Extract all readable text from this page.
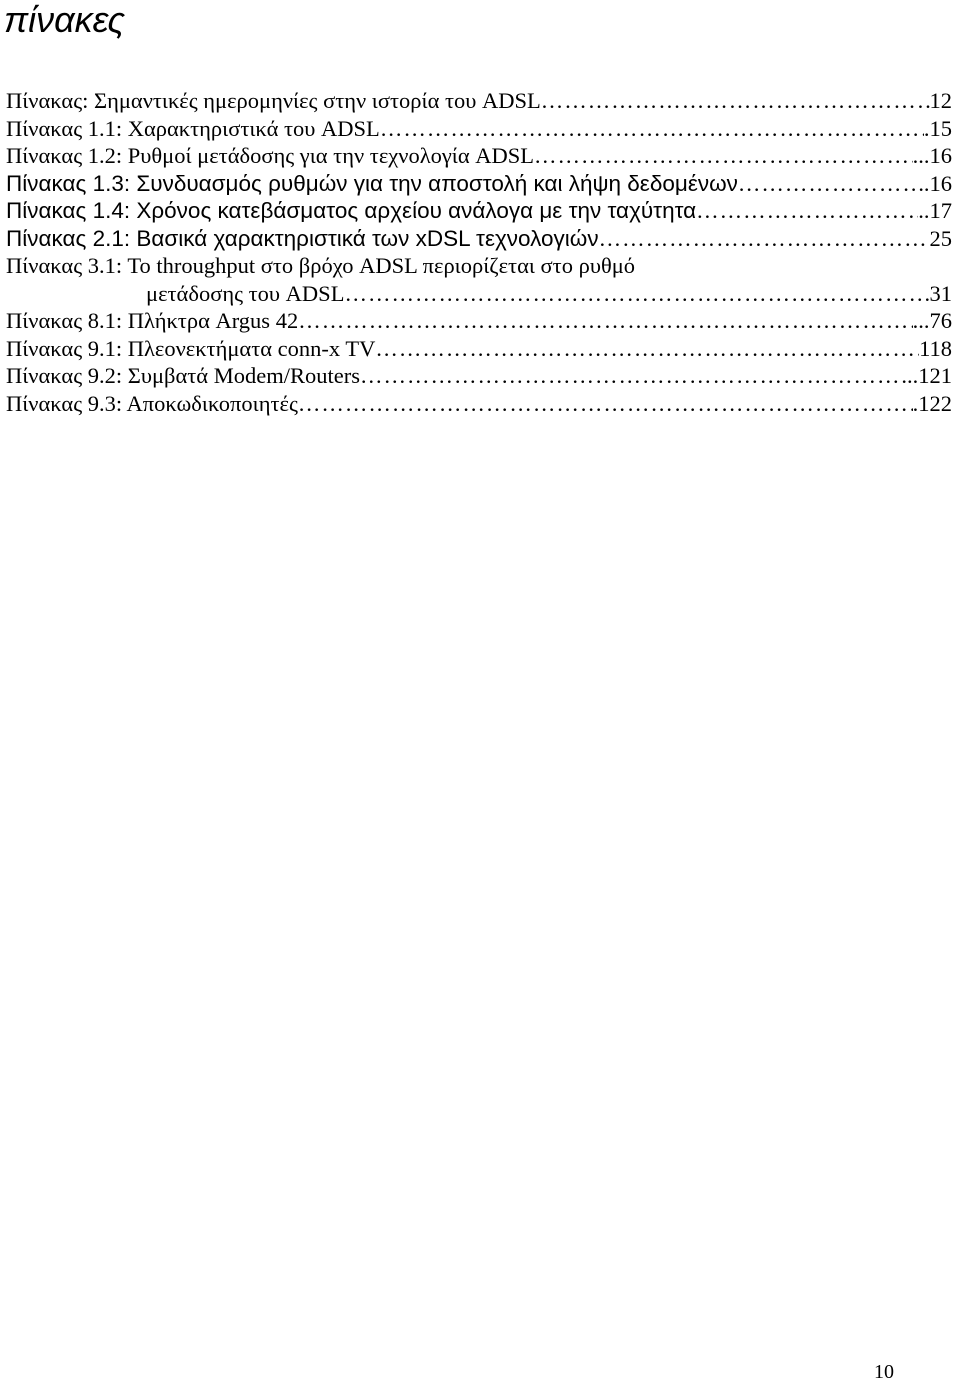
πίνακες
Πίνακας: Σημαντικές ημερομηνίες στην ιστορία του ADSL ………………………………………………………………………………………………………………………………………………………………	12
Πίνακας 1.1: Χαρακτηριστικά του ADSL ………………………………………………………………………………………………………………………………………………………………	.15
Πίνακας 1.2: Ρυθμοί μετάδοσης για την τεχνολογία ADSL ………………………………………………………………………………………………………………………………………………………………	...16
Πίνακας 1.3: Συνδυασμός ρυθμών για την αποστολή και λήψη δεδομένων ………………………………………………………………………………………………………………………………………………………………	.16
Πίνακας 1.4: Χρόνος κατεβάσματος αρχείου ανάλογα με την ταχύτητα ………………………………………………………………………………………………………………………………………………………………	..17
Πίνακας 2.1: Βασικά χαρακτηριστικά των xDSL τεχνολογιών ………………………………………………………………………………………………………………………………………………………………	25
Πίνακας 3.1: Το throughput στο βρόχο ADSL περιορίζεται στο ρυθμό
μετάδοσης του ADSL ………………………………………………………………………………………………………………………………………………………………	31
Πίνακας 8.1: Πλήκτρα Argus 42 ………………………………………………………………………………………………………………………………………………………………	...76
Πίνακας 9.1: Πλεονεκτήματα conn-x TV ………………………………………………………………………………………………………………………………………………………………	118
Πίνακας 9.2: Συμβατά Modem/Routers ………………………………………………………………………………………………………………………………………………………………	...121
Πίνακας 9.3: Αποκωδικοποιητές ………………………………………………………………………………………………………………………………………………………………	.122
10
